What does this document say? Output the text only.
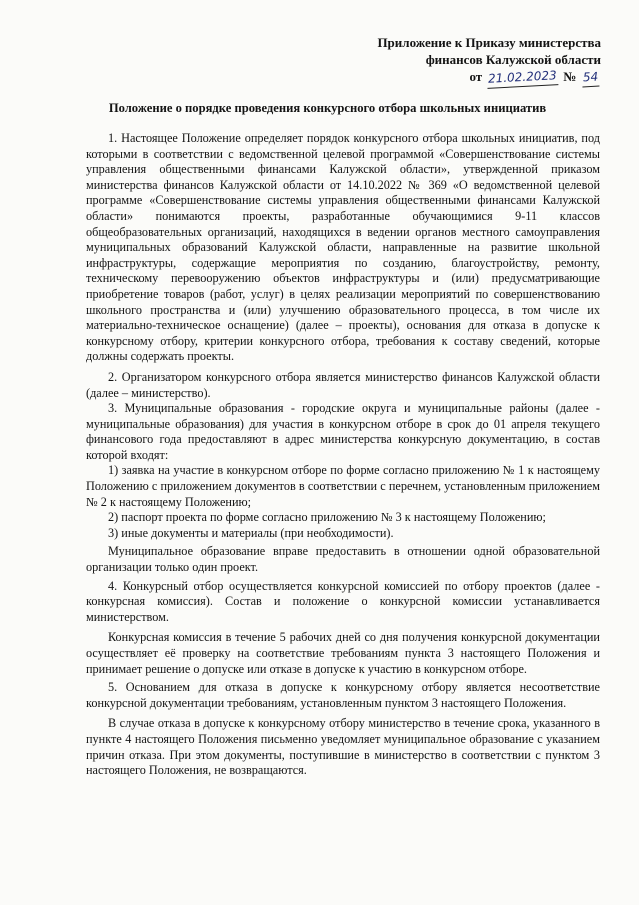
Приложение к Приказу министерства
финансов Калужской области
от 21.02.2023 № 54
Положение о порядке проведения конкурсного отбора школьных инициатив

1. Настоящее Положение определяет порядок конкурсного отбора школьных инициатив, под которыми в соответствии с ведомственной целевой программой «Совершенствование системы управления общественными финансами Калужской области», утвержденной приказом министерства финансов Калужской области от 14.10.2022 № 369 «О ведомственной целевой программе «Совершенствование системы управления общественными финансами Калужской области» понимаются проекты, разработанные обучающимися 9-11 классов общеобразовательных организаций, находящихся в ведении органов местного самоуправления муниципальных образований Калужской области, направленные на развитие школьной инфраструктуры, содержащие мероприятия по созданию, благоустройству, ремонту, техническому перевооружению объектов инфраструктуры и (или) предусматривающие приобретение товаров (работ, услуг) в целях реализации мероприятий по совершенствованию школьного пространства и (или) улучшению образовательного процесса, в том числе их материально-техническое оснащение) (далее – проекты), основания для отказа в допуске к конкурсному отбору, критерии конкурсного отбора, требования к составу сведений, которые должны содержать проекты.

2. Организатором конкурсного отбора является министерство финансов Калужской области (далее – министерство).

3. Муниципальные образования - городские округа и муниципальные районы (далее - муниципальные образования) для участия в конкурсном отборе в срок до 01 апреля текущего финансового года предоставляют в адрес министерства конкурсную документацию, в состав которой входят:

1) заявка на участие в конкурсном отборе по форме согласно приложению № 1 к настоящему Положению с приложением документов в соответствии с перечнем, установленным приложением № 2 к настоящему Положению;

2) паспорт проекта по форме согласно приложению № 3 к настоящему Положению;

3) иные документы и материалы (при необходимости).

Муниципальное образование вправе предоставить в отношении одной образовательной организации только один проект.

4. Конкурсный отбор осуществляется конкурсной комиссией по отбору проектов (далее - конкурсная комиссия). Состав и положение о конкурсной комиссии устанавливается министерством.

Конкурсная комиссия в течение 5 рабочих дней со дня получения конкурсной документации осуществляет её проверку на соответствие требованиям пункта 3 настоящего Положения и принимает решение о допуске или отказе в допуске к участию в конкурсном отборе.

5. Основанием для отказа в допуске к конкурсному отбору является несоответствие конкурсной документации требованиям, установленным пунктом 3 настоящего Положения.

В случае отказа в допуске к конкурсному отбору министерство в течение срока, указанного в пункте 4 настоящего Положения письменно уведомляет муниципальное образование с указанием причин отказа. При этом документы, поступившие в министерство в соответствии с пунктом 3 настоящего Положения, не возвращаются.
